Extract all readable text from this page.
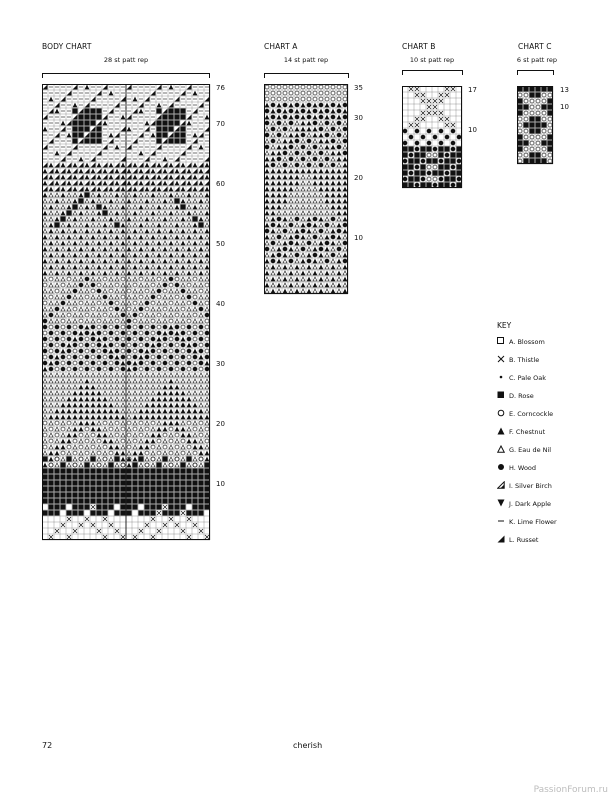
BODY CHART
28 st patt rep
76
70
60
50
40
30
20
10
CHART A
14 st patt rep
35
30
20
10
CHART B
10 st patt rep
17
10
CHART C
6 st patt rep
13
10
KEY
A. Blossom
B. Thistle
C. Pale Oak
D. Rose
E. Corncockle
F. Chestnut
G. Eau de Nil
H. Wood
I. Silver Birch
J. Dark Apple
K. Lime Flower
L. Russet
72	cherish
PassionForum.ru
